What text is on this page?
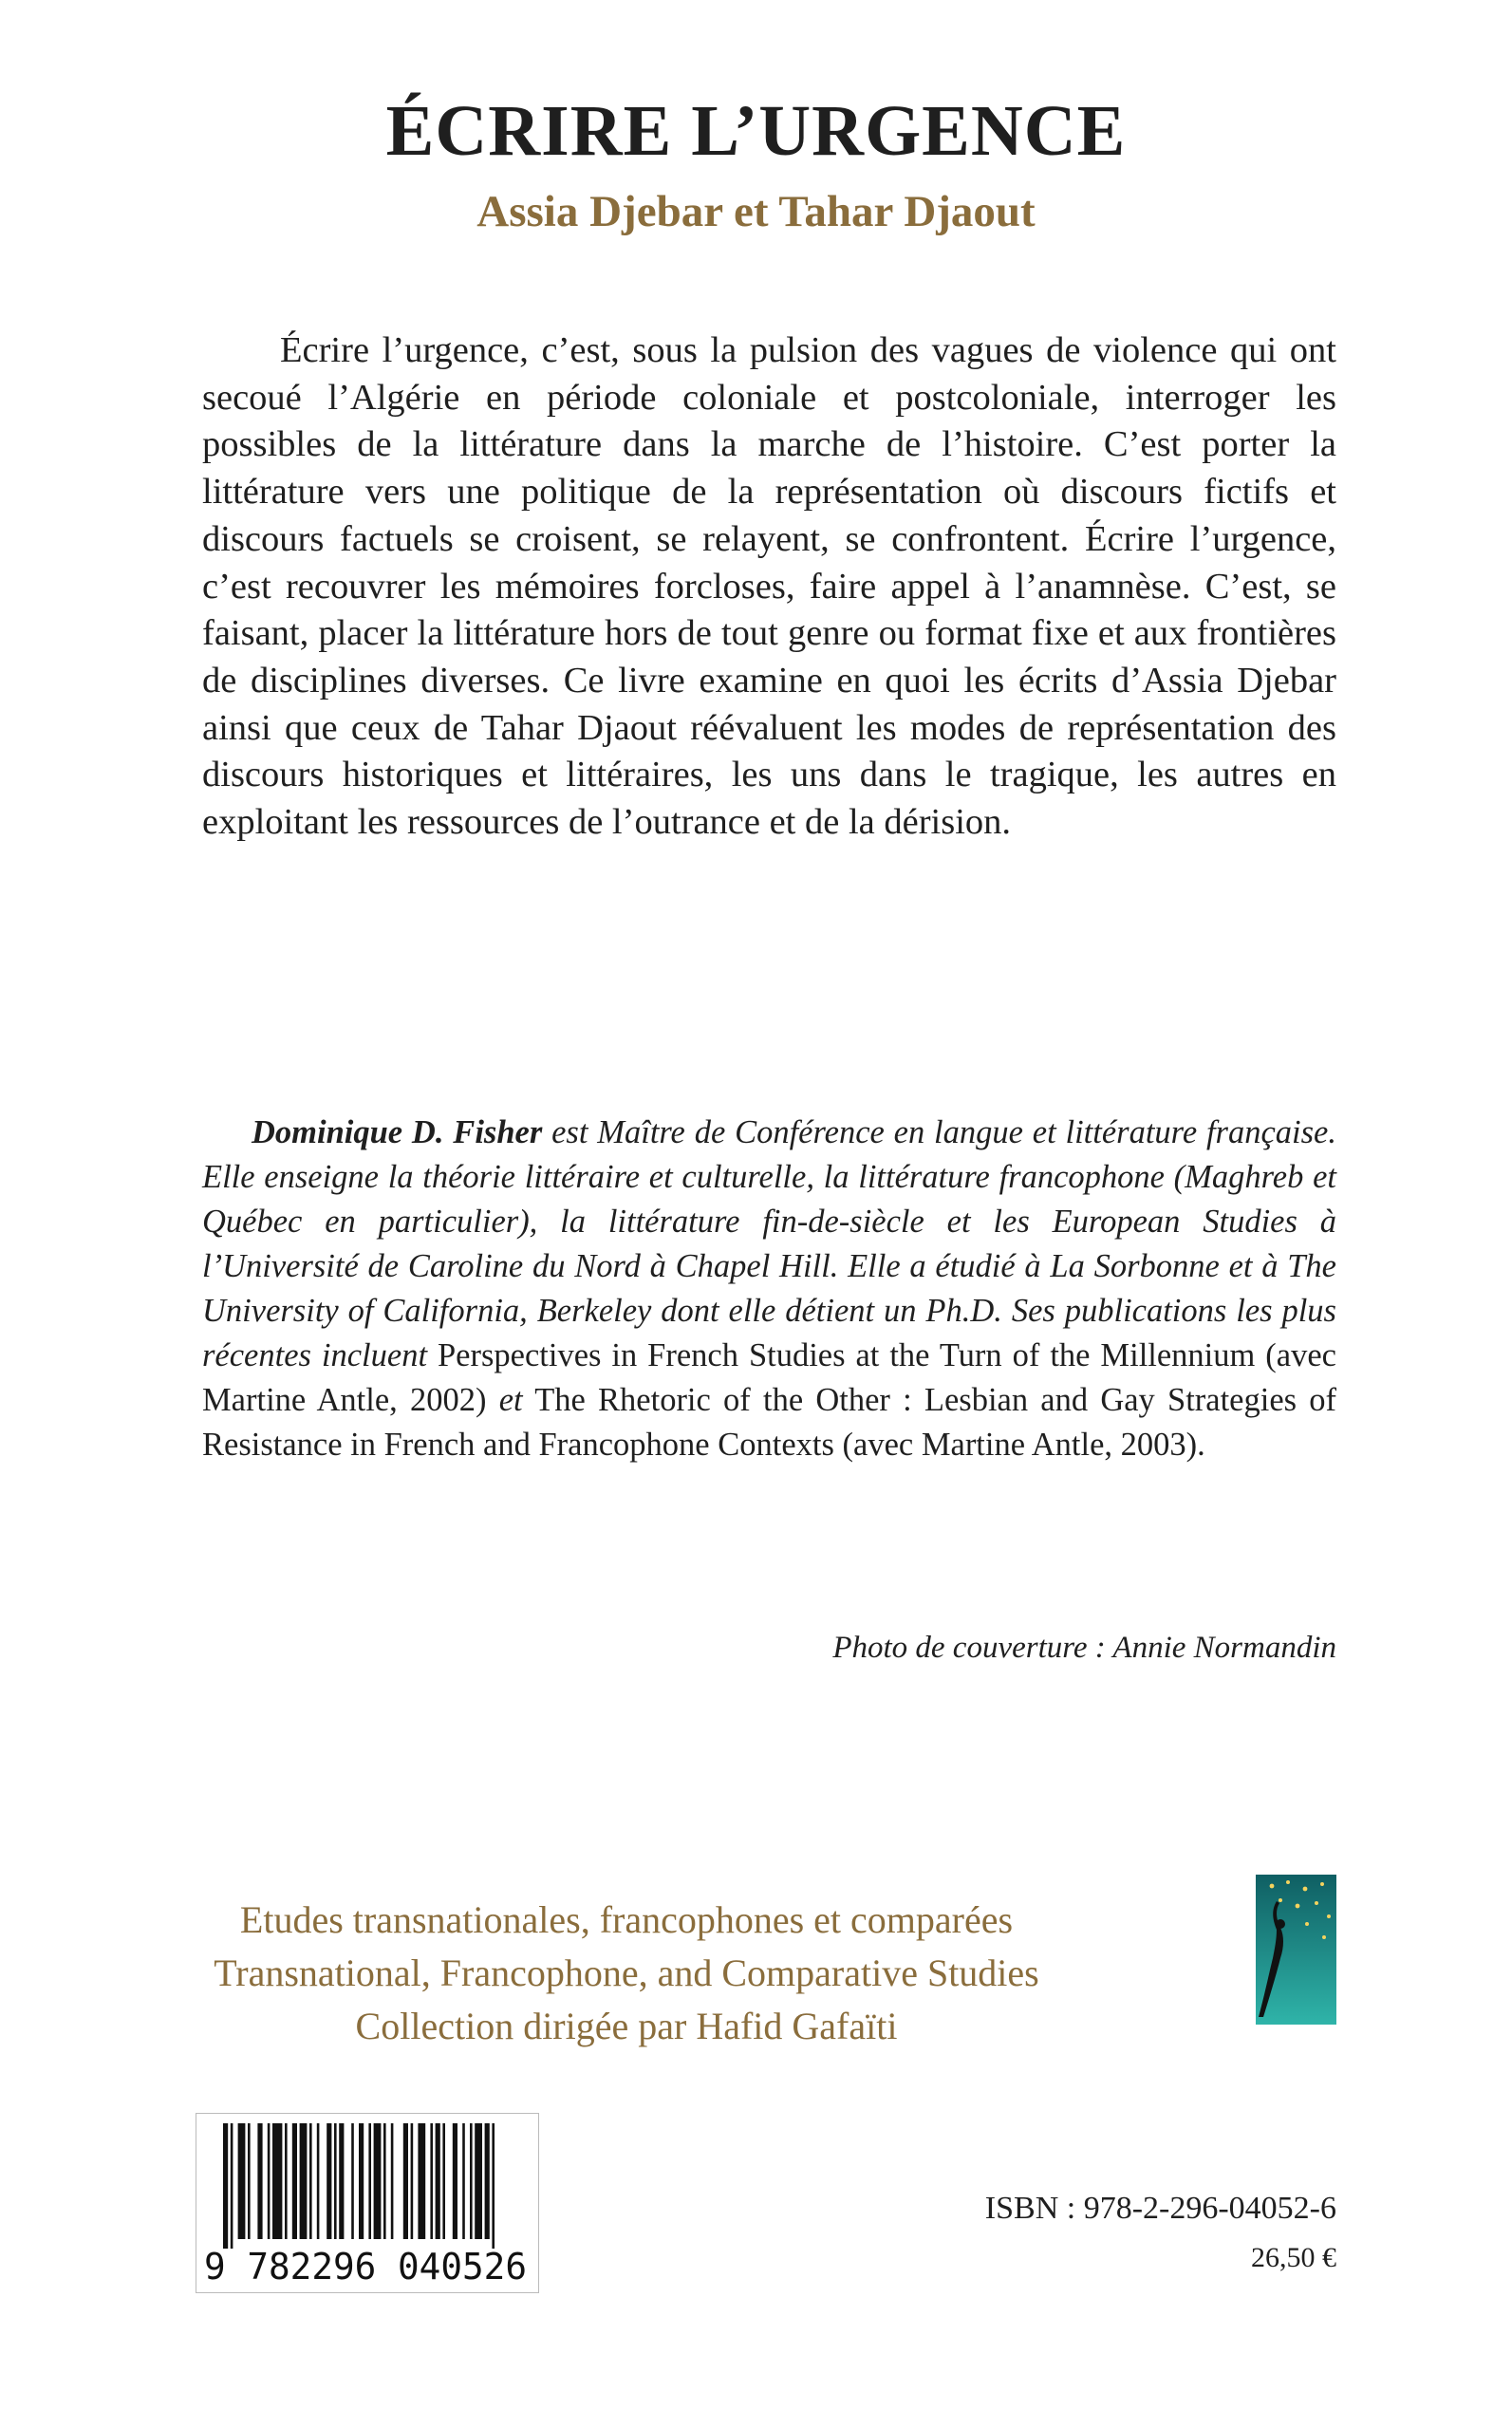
ÉCRIRE L’URGENCE
Assia Djebar et Tahar Djaout

Écrire l’urgence, c’est, sous la pulsion des vagues de violence qui ont secoué l’Algérie en période coloniale et postcoloniale, interroger les possibles de la littérature dans la marche de l’histoire. C’est porter la littérature vers une politique de la représentation où discours fictifs et discours factuels se croisent, se relayent, se confrontent. Écrire l’urgence, c’est recouvrer les mémoires forcloses, faire appel à l’anamnèse. C’est, se faisant, placer la littérature hors de tout genre ou format fixe et aux frontières de disciplines diverses. Ce livre examine en quoi les écrits d’Assia Djebar ainsi que ceux de Tahar Djaout réévaluent les modes de représentation des discours historiques et littéraires, les uns dans le tragique, les autres en exploitant les ressources de l’outrance et de la dérision.

Dominique D. Fisher est Maître de Conférence en langue et littérature française. Elle enseigne la théorie littéraire et culturelle, la littérature francophone (Maghreb et Québec en particulier), la littérature fin-de-siècle et les European Studies à l’Université de Caroline du Nord à Chapel Hill. Elle a étudié à La Sorbonne et à The University of California, Berkeley dont elle détient un Ph.D. Ses publications les plus récentes incluent Perspectives in French Studies at the Turn of the Millennium (avec Martine Antle, 2002) et The Rhetoric of the Other : Lesbian and Gay Strategies of Resistance in French and Francophone Contexts (avec Martine Antle, 2003).

Photo de couverture : Annie Normandin

Etudes transnationales, francophones et comparées
Transnational, Francophone, and Comparative Studies
Collection dirigée par Hafid Gafaïti
9 782296 040526

ISBN : 978-2-296-04052-6

26,50 €
